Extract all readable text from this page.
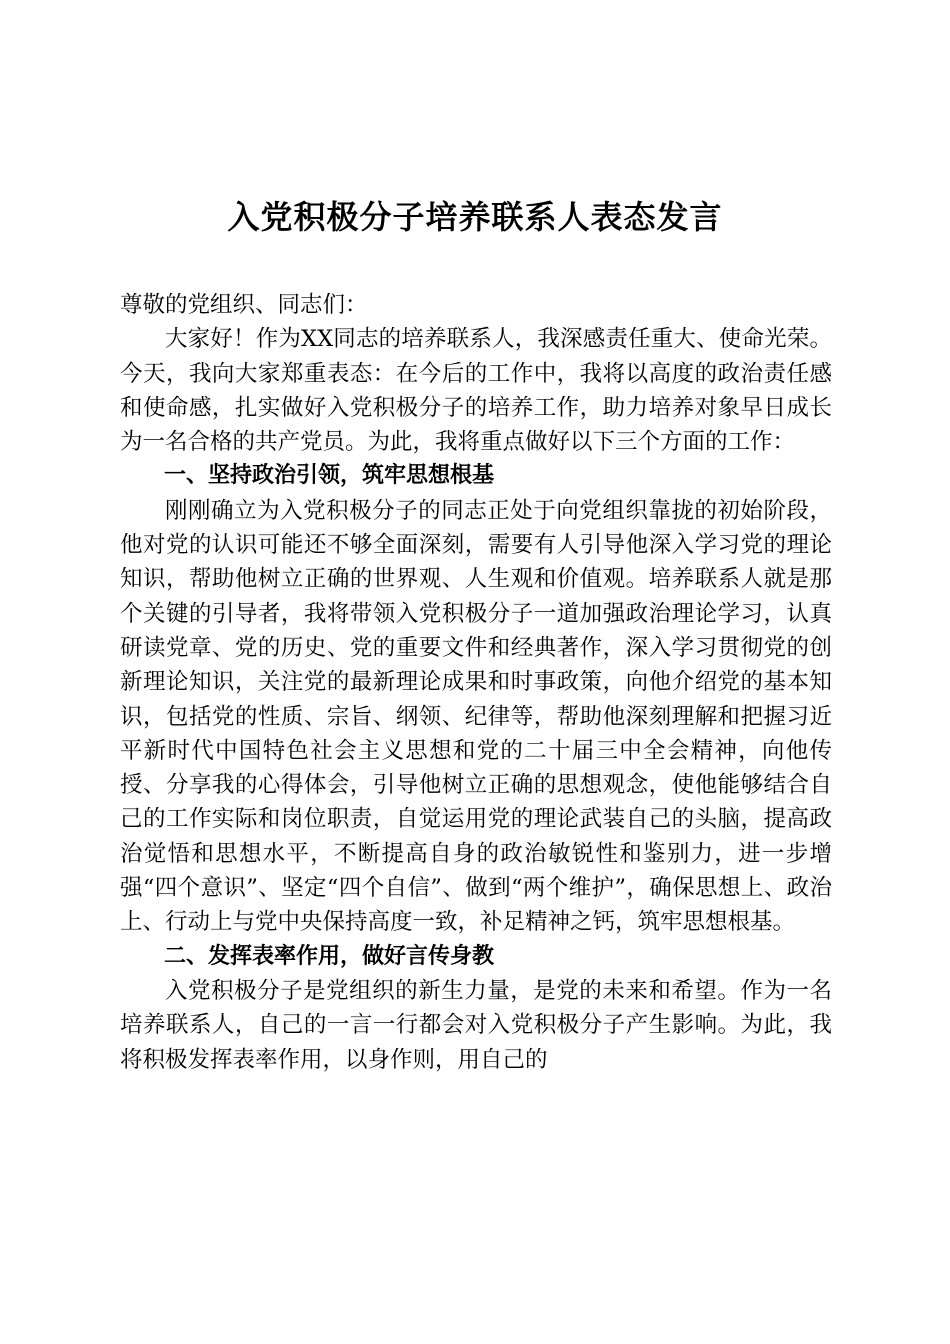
入党积极分子培养联系人表态发言

尊敬的党组织、同志们：

大家好！作为XX同志的培养联系人，我深感责任重大、使命光荣。今天，我向大家郑重表态：在今后的工作中，我将以高度的政治责任感和使命感，扎实做好入党积极分子的培养工作，助力培养对象早日成长为一名合格的共产党员。为此，我将重点做好以下三个方面的工作：

一、坚持政治引领，筑牢思想根基

刚刚确立为入党积极分子的同志正处于向党组织靠拢的初始阶段，他对党的认识可能还不够全面深刻，需要有人引导他深入学习党的理论知识，帮助他树立正确的世界观、人生观和价值观。培养联系人就是那个关键的引导者，我将带领入党积极分子一道加强政治理论学习，认真研读党章、党的历史、党的重要文件和经典著作，深入学习贯彻党的创新理论知识，关注党的最新理论成果和时事政策，向他介绍党的基本知识，包括党的性质、宗旨、纲领、纪律等，帮助他深刻理解和把握习近平新时代中国特色社会主义思想和党的二十届三中全会精神，向他传授、分享我的心得体会，引导他树立正确的思想观念，使他能够结合自己的工作实际和岗位职责，自觉运用党的理论武装自己的头脑，提高政治觉悟和思想水平，不断提高自身的政治敏锐性和鉴别力，进一步增强“四个意识”、坚定“四个自信”、做到“两个维护”，确保思想上、政治上、行动上与党中央保持高度一致，补足精神之钙，筑牢思想根基。

二、发挥表率作用，做好言传身教

入党积极分子是党组织的新生力量，是党的未来和希望。作为一名培养联系人，自己的一言一行都会对入党积极分子产生影响。为此，我将积极发挥表率作用，以身作则，用自己的
